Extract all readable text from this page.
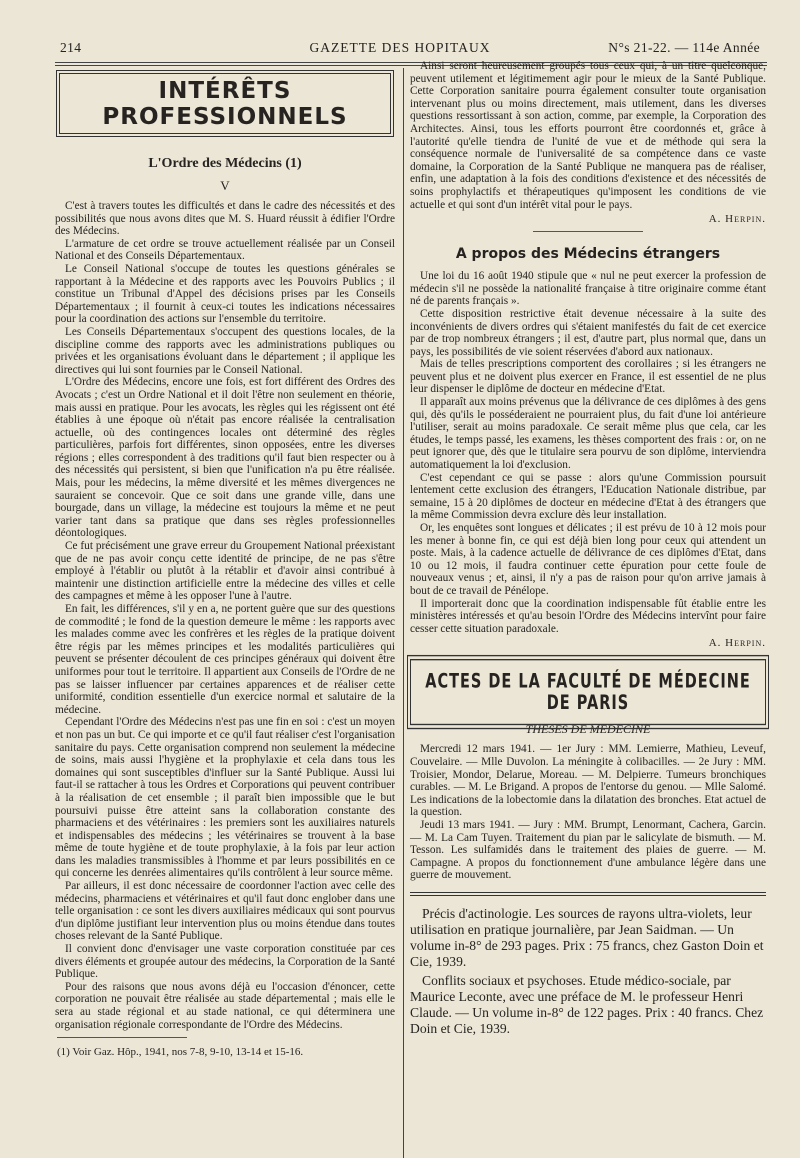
214	GAZETTE DES HOPITAUX	N°s 21-22. — 114e Année
INTÉRÊTS PROFESSIONNELS

L'Ordre des Médecins (1)

V

C'est à travers toutes les difficultés et dans le cadre des nécessités et des possibilités que nous avons dites que M. S. Huard réussit à édifier l'Ordre des Médecins.

L'armature de cet ordre se trouve actuellement réalisée par un Conseil National et des Conseils Départementaux.

Le Conseil National s'occupe de toutes les questions générales se rapportant à la Médecine et des rapports avec les Pouvoirs Publics ; il constitue un Tribunal d'Appel des décisions prises par les Conseils Départementaux ; il fournit à ceux-ci toutes les indications nécessaires pour la coordination des actions sur l'ensemble du territoire.

Les Conseils Départementaux s'occupent des questions locales, de la discipline comme des rapports avec les administrations publiques ou privées et les organisations évoluant dans le département ; il applique les directives qui lui sont fournies par le Conseil National.

L'Ordre des Médecins, encore une fois, est fort différent des Ordres des Avocats ; c'est un Ordre National et il doit l'être non seulement en théorie, mais aussi en pratique. Pour les avocats, les règles qui les régissent ont été établies à une époque où n'était pas encore réalisée la centralisation actuelle, où des contingences locales ont déterminé des règles particulières, parfois fort différentes, sinon opposées, entre les diverses régions ; elles correspondent à des traditions qu'il faut bien respecter ou à des nécessités qui persistent, si bien que l'unification n'a pu être réalisée. Mais, pour les médecins, la même diversité et les mêmes divergences ne sauraient se concevoir. Que ce soit dans une grande ville, dans une bourgade, dans un village, la médecine est toujours la même et ne peut varier tant dans sa pratique que dans ses règles professionnelles déontologiques.

Ce fut précisément une grave erreur du Groupement National préexistant que de ne pas avoir conçu cette identité de principe, de ne pas s'être employé à l'établir ou plutôt à la rétablir et d'avoir ainsi contribué à maintenir une distinction artificielle entre la médecine des villes et celle des campagnes et même à les opposer l'une à l'autre.

En fait, les différences, s'il y en a, ne portent guère que sur des questions de commodité ; le fond de la question demeure le même : les rapports avec les malades comme avec les confrères et les règles de la pratique doivent être régis par les mêmes principes et les modalités particulières qui peuvent se présenter découlent de ces principes généraux qui doivent être uniformes pour tout le territoire. Il appartient aux Conseils de l'Ordre de ne pas se laisser influencer par certaines apparences et de réaliser cette uniformité, condition essentielle d'un exercice normal et salutaire de la médecine.

Cependant l'Ordre des Médecins n'est pas une fin en soi : c'est un moyen et non pas un but. Ce qui importe et ce qu'il faut réaliser c'est l'organisation sanitaire du pays. Cette organisation comprend non seulement la médecine de soins, mais aussi l'hygiène et la prophylaxie et cela dans tous les domaines qui sont susceptibles d'influer sur la Santé Publique. Aussi lui faut-il se rattacher à tous les Ordres et Corporations qui peuvent contribuer à la réalisation de cet ensemble ; il paraît bien impossible que le but poursuivi puisse être atteint sans la collaboration constante des pharmaciens et des vétérinaires : les premiers sont les auxiliaires naturels et indispensables des médecins ; les vétérinaires se trouvent à la base même de toute hygiène et de toute prophylaxie, à la fois par leur action dans les maladies transmissibles à l'homme et par leurs possibilités en ce qui concerne les denrées alimentaires qu'ils contrôlent à leur source même.

Par ailleurs, il est donc nécessaire de coordonner l'action avec celle des médecins, pharmaciens et vétérinaires et qu'il faut donc englober dans une telle organisation : ce sont les divers auxiliaires médicaux qui sont pourvus d'un diplôme justifiant leur intervention plus ou moins étendue dans toutes choses relevant de la Santé Publique.

Il convient donc d'envisager une vaste corporation constituée par ces divers éléments et groupée autour des médecins, la Corporation de la Santé Publique.

Pour des raisons que nous avons déjà eu l'occasion d'énoncer, cette corporation ne pouvait être réalisée au stade départemental ; mais elle le sera au stade régional et au stade national, ce qui déterminera une organisation régionale correspondante de l'Ordre des Médecins.

(1) Voir Gaz. Hôp., 1941, nos 7-8, 9-10, 13-14 et 15-16.

Ainsi seront heureusement groupés tous ceux qui, à un titre quelconque, peuvent utilement et légitimement agir pour le mieux de la Santé Publique. Cette Corporation sanitaire pourra également consulter toute organisation intervenant plus ou moins directement, mais utilement, dans les diverses questions ressortissant à son action, comme, par exemple, la Corporation des Architectes. Ainsi, tous les efforts pourront être coordonnés et, grâce à l'autorité qu'elle tiendra de l'unité de vue et de méthode qui sera la conséquence normale de l'universalité de sa compétence dans ce vaste domaine, la Corporation de la Santé Publique ne manquera pas de réaliser, enfin, une adaptation à la fois des conditions d'existence et des nécessités de soins prophylactifs et thérapeutiques qu'imposent les conditions de vie actuelle et qui sont d'un intérêt vital pour le pays.

A. Herpin.

A propos des Médecins étrangers

Une loi du 16 août 1940 stipule que « nul ne peut exercer la profession de médecin s'il ne possède la nationalité française à titre originaire comme étant né de parents français ».

Cette disposition restrictive était devenue nécessaire à la suite des inconvénients de divers ordres qui s'étaient manifestés du fait de cet exercice par de trop nombreux étrangers ; il est, d'autre part, plus normal que, dans un pays, les possibilités de vie soient réservées d'abord aux nationaux.

Mais de telles prescriptions comportent des corollaires ; si les étrangers ne peuvent plus et ne doivent plus exercer en France, il est essentiel de ne plus leur dispenser le diplôme de docteur en médecine d'Etat.

Il apparaît aux moins prévenus que la délivrance de ces diplômes à des gens qui, dès qu'ils le posséderaient ne pourraient plus, du fait d'une loi antérieure l'utiliser, serait au moins paradoxale. Ce serait même plus que cela, car les études, le temps passé, les examens, les thèses comportent des frais : or, on ne peut ignorer que, dès que le titulaire sera pourvu de son diplôme, interviendra automatiquement la loi d'exclusion.

C'est cependant ce qui se passe : alors qu'une Commission poursuit lentement cette exclusion des étrangers, l'Education Nationale distribue, par semaine, 15 à 20 diplômes de docteur en médecine d'Etat à des étrangers que la même Commission devra exclure dès leur installation.

Or, les enquêtes sont longues et délicates ; il est prévu de 10 à 12 mois pour les mener à bonne fin, ce qui est déjà bien long pour ceux qui attendent un poste. Mais, à la cadence actuelle de délivrance de ces diplômes d'Etat, dans 10 ou 12 mois, il faudra continuer cette épuration pour cette foule de nouveaux venus ; et, ainsi, il n'y a pas de raison pour qu'on arrive jamais à bout de ce travail de Pénélope.

Il importerait donc que la coordination indispensable fût établie entre les ministères intéressés et qu'au besoin l'Ordre des Médecins intervînt pour faire cesser cette situation paradoxale.

A. Herpin.

ACTES DE LA FACULTÉ DE MÉDECINE DE PARIS

THESES DE MEDECINE

Mercredi 12 mars 1941. — 1er Jury : MM. Lemierre, Mathieu, Leveuf, Couvelaire. — Mlle Duvolon. La méningite à colibacilles. — 2e Jury : MM. Troisier, Mondor, Delarue, Moreau. — M. Delpierre. Tumeurs bronchiques curables. — M. Le Brigand. A propos de l'entorse du genou. — Mlle Salomé. Les indications de la lobectomie dans la dilatation des bronches. Etat actuel de la question.

Jeudi 13 mars 1941. — Jury : MM. Brumpt, Lenormant, Cachera, Garcin. — M. La Cam Tuyen. Traitement du pian par le salicylate de bismuth. — M. Tesson. Les sulfamidés dans le traitement des plaies de guerre. — M. Campagne. A propos du fonctionnement d'une ambulance légère dans une guerre de mouvement.

Précis d'actinologie. Les sources de rayons ultra-violets, leur utilisation en pratique journalière, par Jean Saidman. — Un volume in-8° de 293 pages. Prix : 75 francs, chez Gaston Doin et Cie, 1939.

Conflits sociaux et psychoses. Etude médico-sociale, par Maurice Leconte, avec une préface de M. le professeur Henri Claude. — Un volume in-8° de 122 pages. Prix : 40 francs. Chez Doin et Cie, 1939.
